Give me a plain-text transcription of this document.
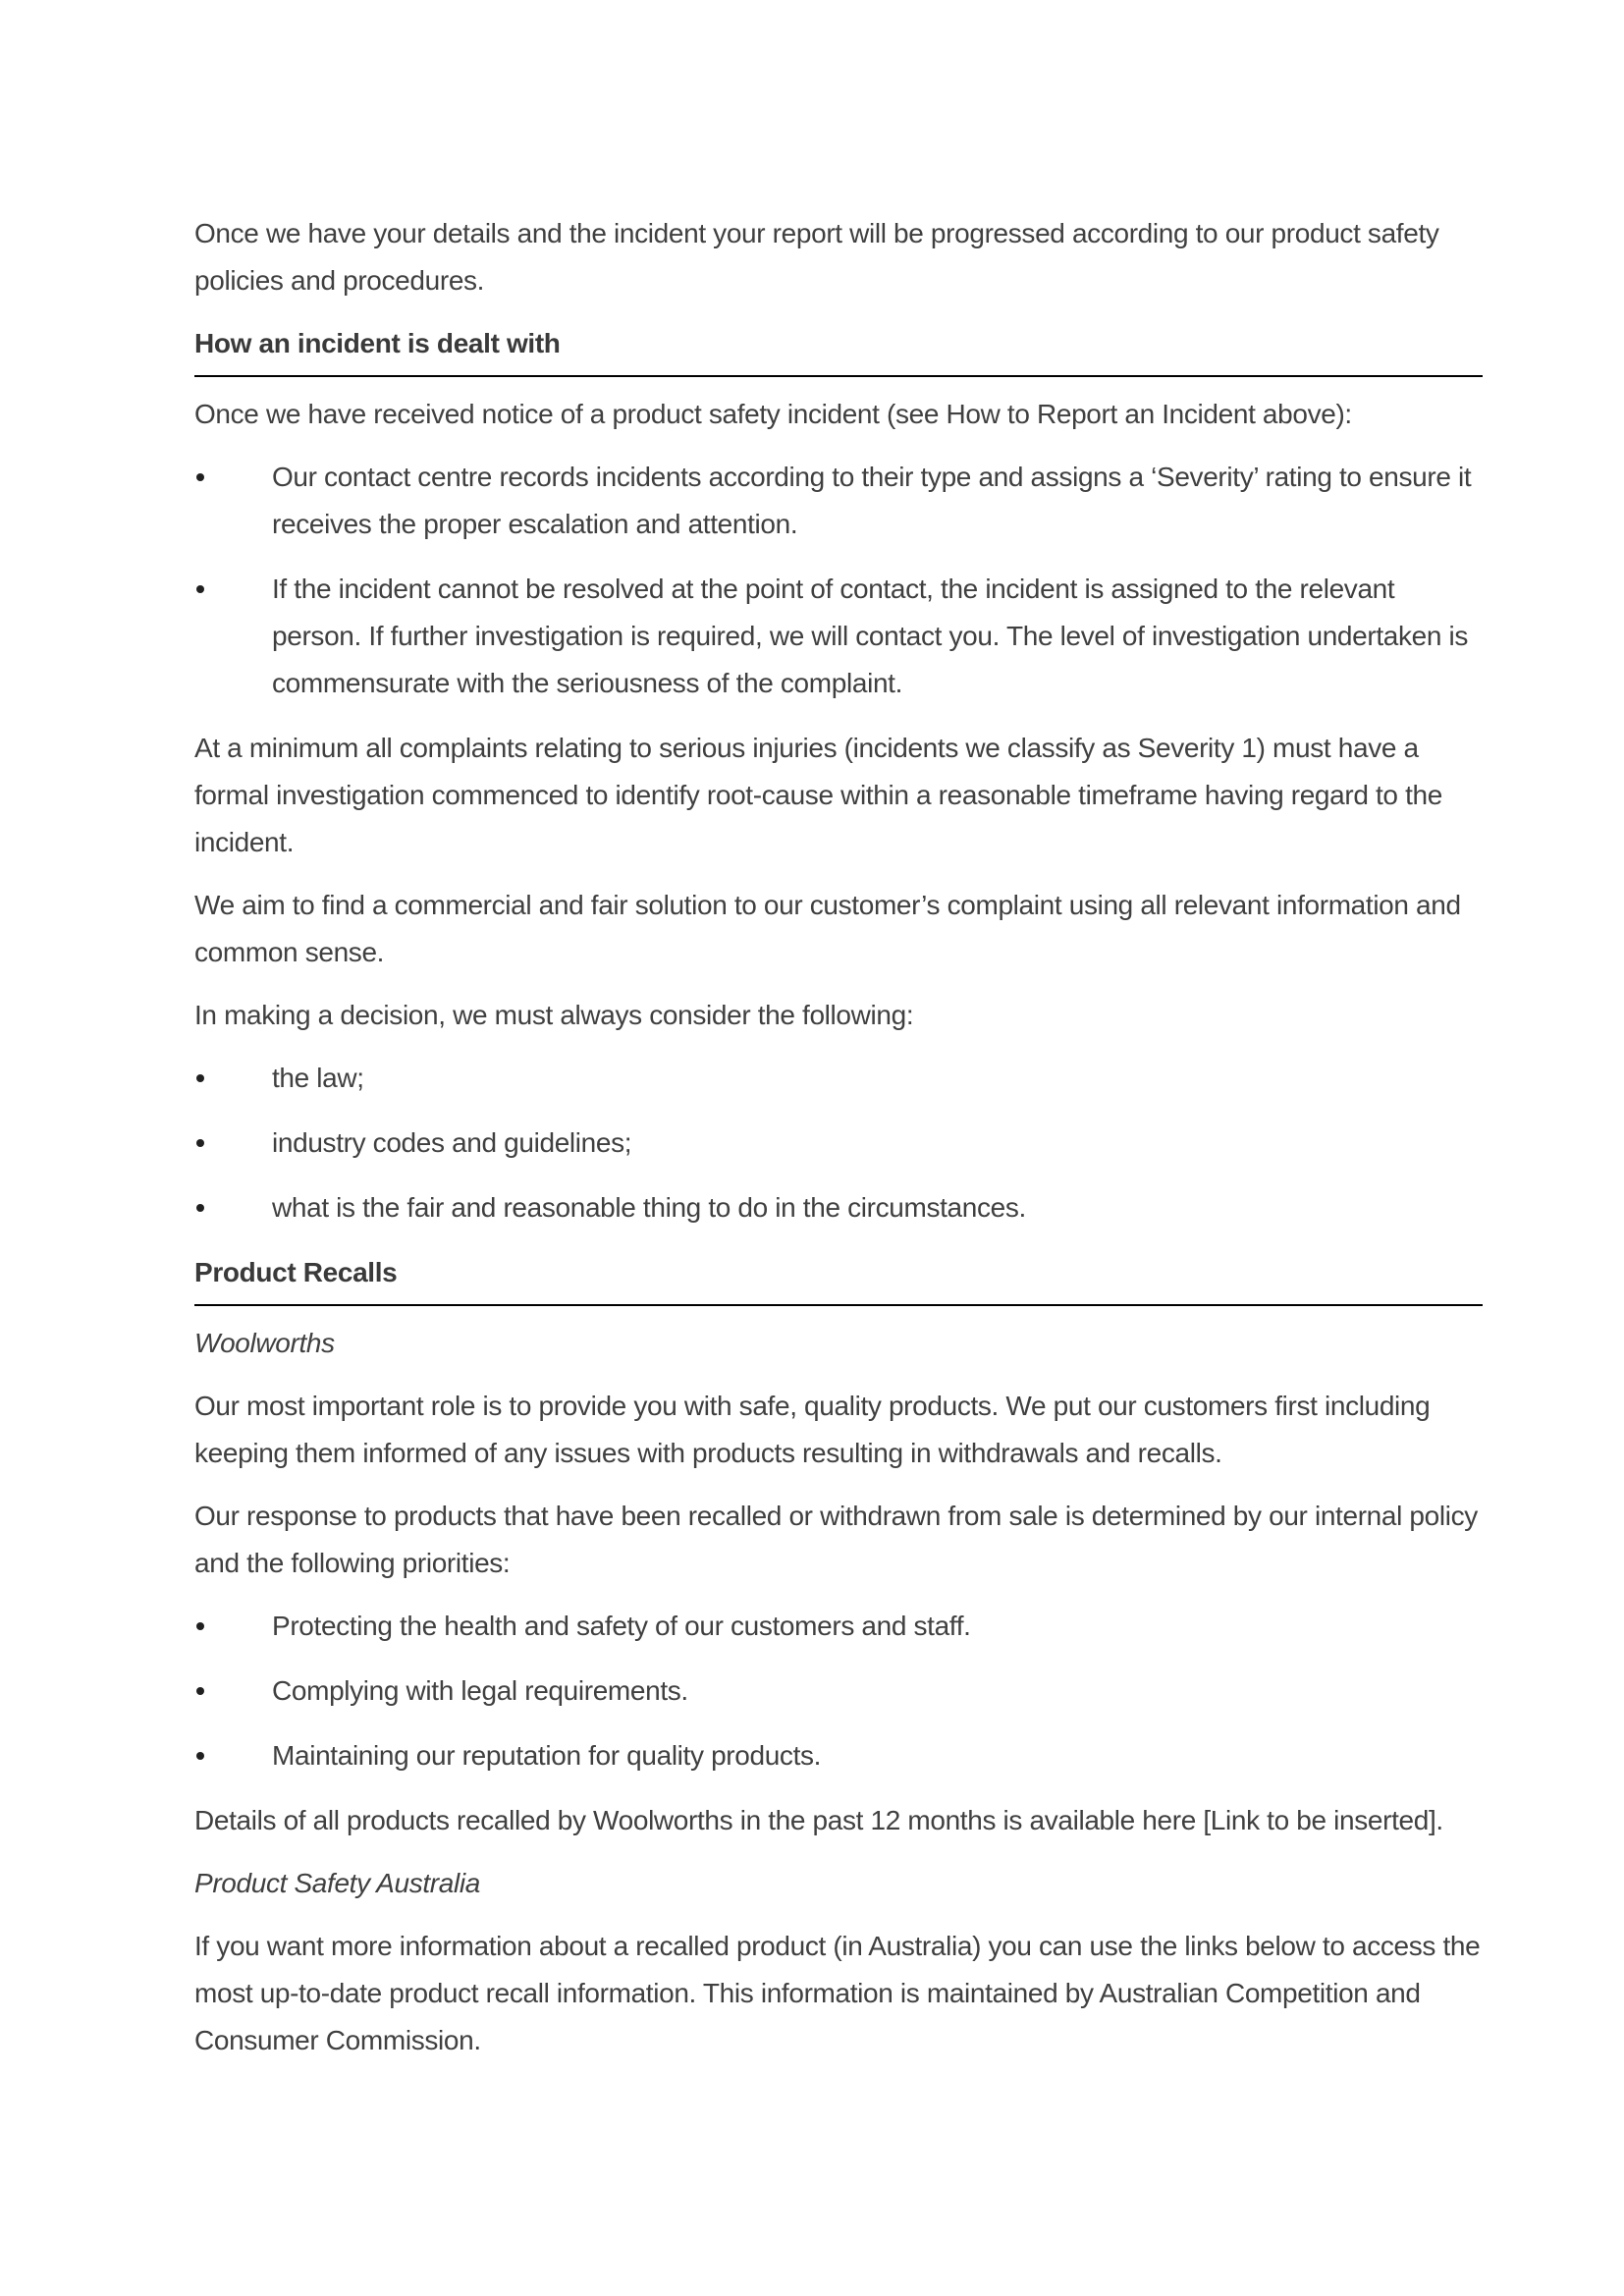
Once we have your details and the incident your report will be progressed according to our product safety policies and procedures.

How an incident is dealt with

Once we have received notice of a product safety incident (see How to Report an Incident above):

Our contact centre records incidents according to their type and assigns a ‘Severity’ rating to ensure it receives the proper escalation and attention.
If the incident cannot be resolved at the point of contact, the incident is assigned to the relevant person. If further investigation is required, we will contact you. The level of investigation undertaken is commensurate with the seriousness of the complaint.

At a minimum all complaints relating to serious injuries (incidents we classify as Severity 1) must have a formal investigation commenced to identify root-cause within a reasonable timeframe having regard to the incident.

We aim to find a commercial and fair solution to our customer’s complaint using all relevant information and common sense.

In making a decision, we must always consider the following:

the law;
industry codes and guidelines;
what is the fair and reasonable thing to do in the circumstances.
Product Recalls

Woolworths

Our most important role is to provide you with safe, quality products. We put our customers first including keeping them informed of any issues with products resulting in withdrawals and recalls.

Our response to products that have been recalled or withdrawn from sale is determined by our internal policy and the following priorities:

Protecting the health and safety of our customers and staff.
Complying with legal requirements.
Maintaining our reputation for quality products.

Details of all products recalled by Woolworths in the past 12 months is available here [Link to be inserted].

Product Safety Australia

If you want more information about a recalled product (in Australia) you can use the links below to access the most up-to-date product recall information. This information is maintained by Australian Competition and Consumer Commission.
